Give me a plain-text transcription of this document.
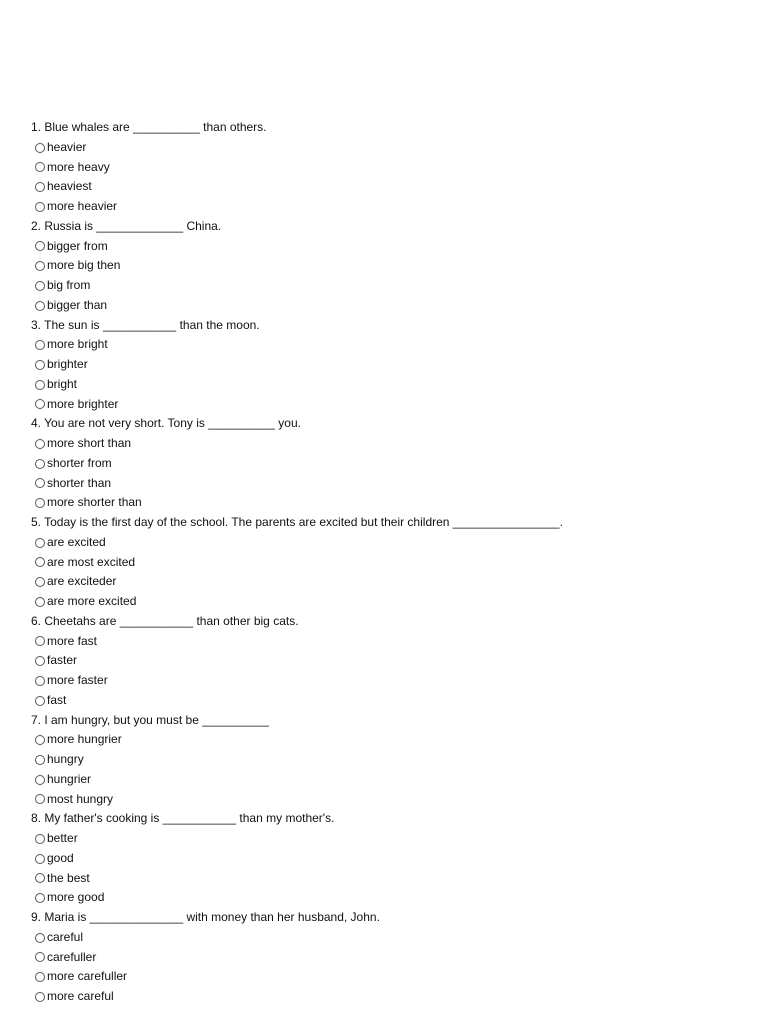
1. Blue whales are __________ than others.
heavier
more heavy
heaviest
more heavier
2. Russia is _____________ China.
bigger from
more big then
big from
bigger than
3. The sun is ___________ than the moon.
more bright
brighter
bright
more brighter
4. You are not very short. Tony is __________ you.
more short than
shorter from
shorter than
more shorter than
5. Today is the first day of the school. The parents are excited but their children ________________.
are excited
are most excited
are exciteder
are more excited
6. Cheetahs are ___________ than other big cats.
more fast
faster
more faster
fast
7. I am hungry, but you must be __________
more hungrier
hungry
hungrier
most hungry
8. My father's cooking is ___________ than my mother's.
better
good
the best
more good
9. Maria is ______________ with money than her husband, John.
careful
carefuller
more carefuller
more careful
